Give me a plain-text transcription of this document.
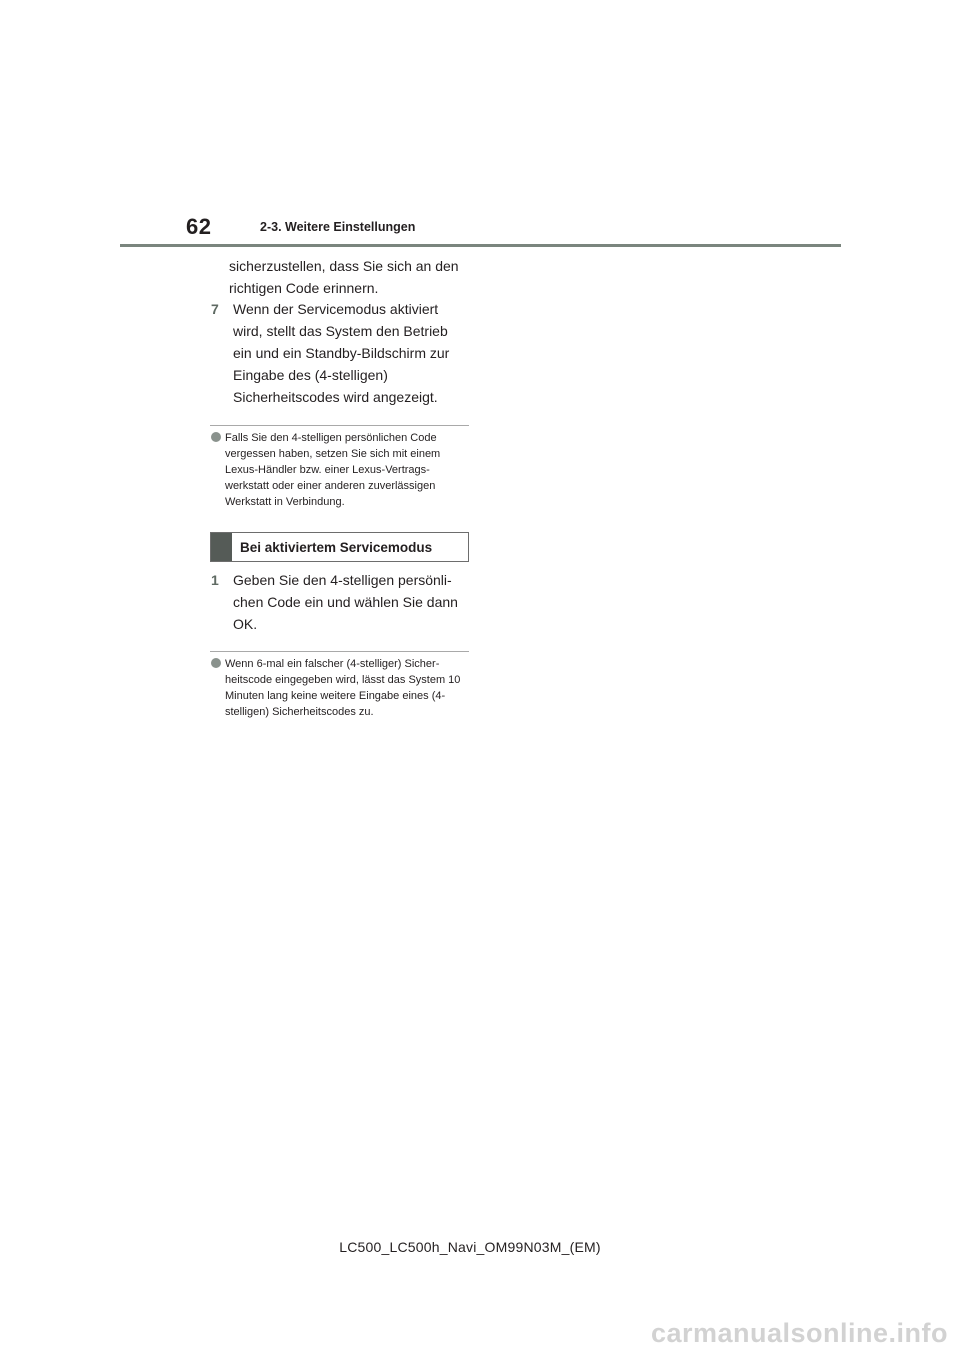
62	2-3. Weitere Einstellungen
sicherzustellen, dass Sie sich an den richtigen Code erinnern.
7 Wenn der Servicemodus aktiviert wird, stellt das System den Betrieb ein und ein Standby-Bildschirm zur Eingabe des (4-stelligen) Sicherheitscodes wird angezeigt.
Falls Sie den 4-stelligen persönlichen Code vergessen haben, setzen Sie sich mit einem Lexus-Händler bzw. einer Lexus-Vertrags-werkstatt oder einer anderen zuverlässigen Werkstatt in Verbindung.
Bei aktiviertem Servicemodus
1 Geben Sie den 4-stelligen persönli-chen Code ein und wählen Sie dann OK.
Wenn 6-mal ein falscher (4-stelliger) Sicher-heitscode eingegeben wird, lässt das System 10 Minuten lang keine weitere Eingabe eines (4-stelligen) Sicherheitscodes zu.
LC500_LC500h_Navi_OM99N03M_(EM)
carmanualsonline.info
